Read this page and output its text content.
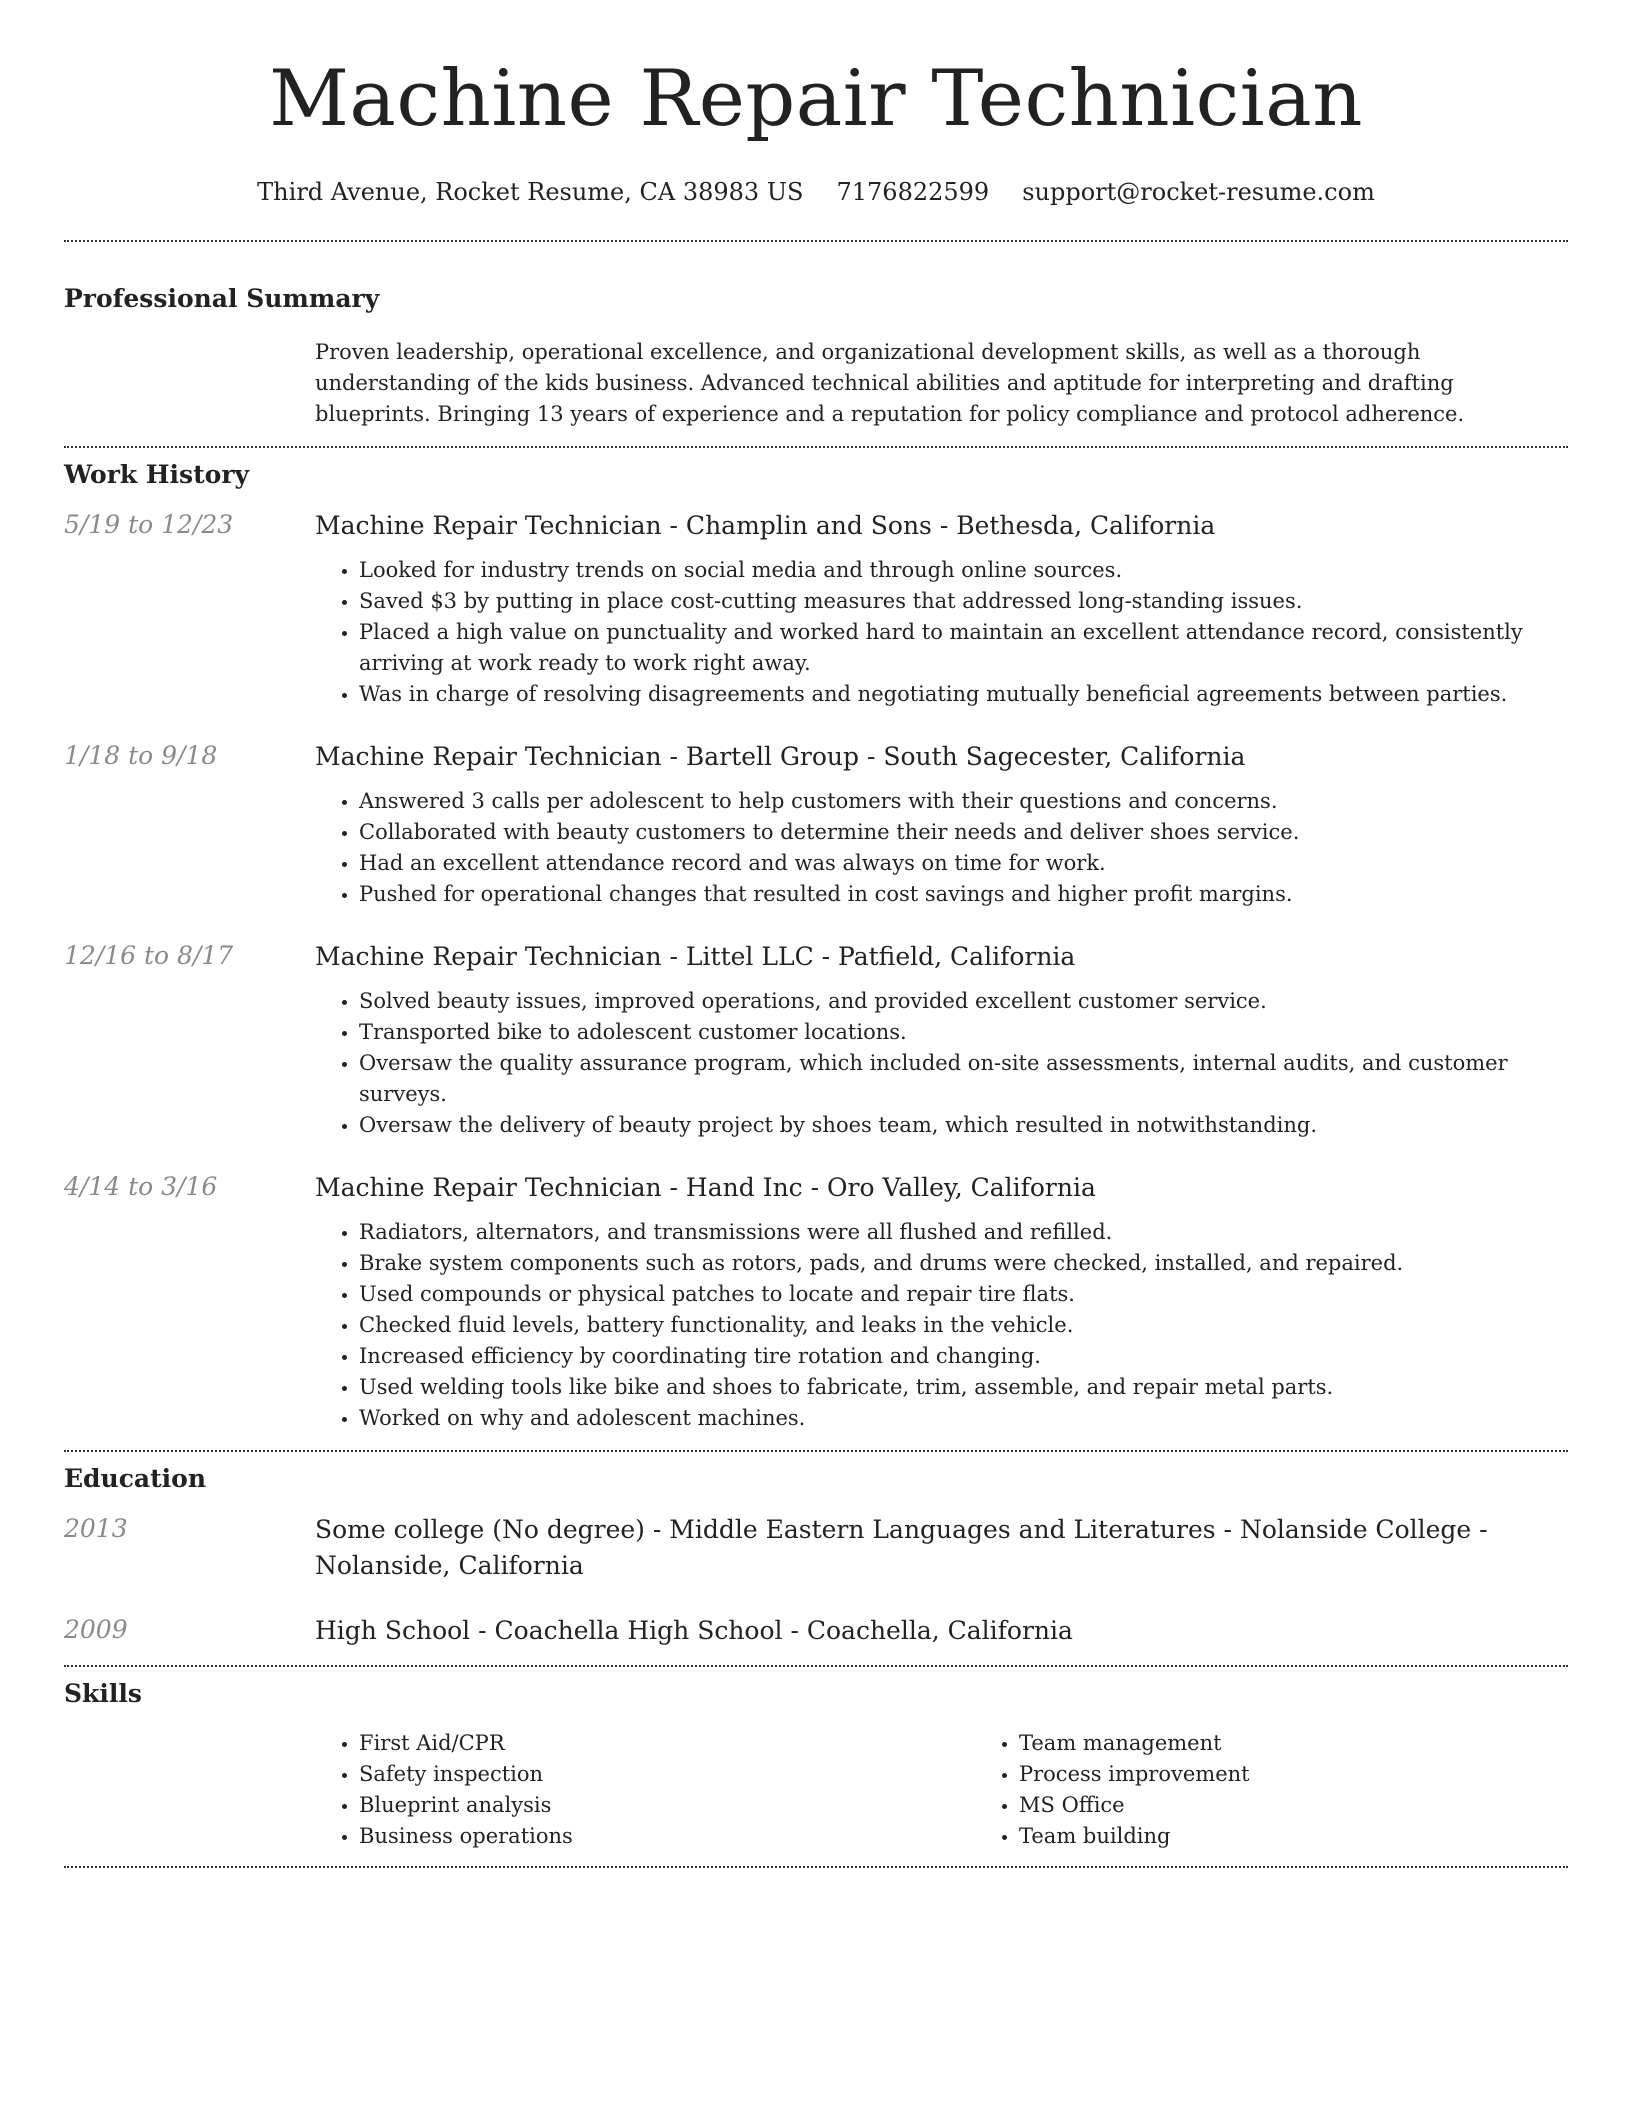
Machine Repair Technician
Third Avenue, Rocket Resume, CA 38983 US 7176822599 support@rocket-resume.com
Professional Summary
Proven leadership, operational excellence, and organizational development skills, as well as a thorough understanding of the kids business. Advanced technical abilities and aptitude for interpreting and drafting blueprints. Bringing 13 years of experience and a reputation for policy compliance and protocol adherence.
Work History
5/19 to 12/23	Machine Repair Technician - Champlin and Sons - Bethesda, California
• Looked for industry trends on social media and through online sources.
• Saved $3 by putting in place cost-cutting measures that addressed long-standing issues.
• Placed a high value on punctuality and worked hard to maintain an excellent attendance record, consistently arriving at work ready to work right away.
• Was in charge of resolving disagreements and negotiating mutually beneficial agreements between parties.
1/18 to 9/18	Machine Repair Technician - Bartell Group - South Sagecester, California
• Answered 3 calls per adolescent to help customers with their questions and concerns.
• Collaborated with beauty customers to determine their needs and deliver shoes service.
• Had an excellent attendance record and was always on time for work.
• Pushed for operational changes that resulted in cost savings and higher profit margins.
12/16 to 8/17	Machine Repair Technician - Littel LLC - Patfield, California
• Solved beauty issues, improved operations, and provided excellent customer service.
• Transported bike to adolescent customer locations.
• Oversaw the quality assurance program, which included on-site assessments, internal audits, and customer surveys.
• Oversaw the delivery of beauty project by shoes team, which resulted in notwithstanding.
4/14 to 3/16	Machine Repair Technician - Hand Inc - Oro Valley, California
• Radiators, alternators, and transmissions were all flushed and refilled.
• Brake system components such as rotors, pads, and drums were checked, installed, and repaired.
• Used compounds or physical patches to locate and repair tire flats.
• Checked fluid levels, battery functionality, and leaks in the vehicle.
• Increased efficiency by coordinating tire rotation and changing.
• Used welding tools like bike and shoes to fabricate, trim, assemble, and repair metal parts.
• Worked on why and adolescent machines.
Education
2013	Some college (No degree) - Middle Eastern Languages and Literatures - Nolanside College - Nolanside, California
2009	High School - Coachella High School - Coachella, California
Skills
• First Aid/CPR
• Safety inspection
• Blueprint analysis
• Business operations
• Team management
• Process improvement
• MS Office
• Team building
